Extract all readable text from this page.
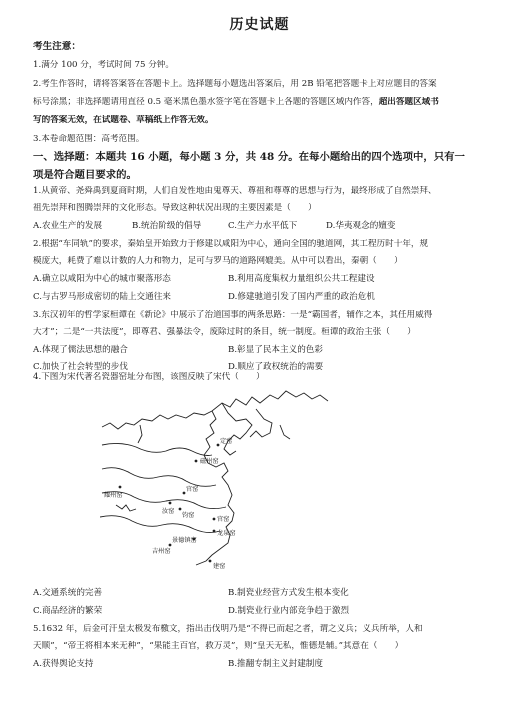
历史试题
考生注意：
1.满分 100 分，考试时间 75 分钟。
2.考生作答时，请将答案答在答题卡上。选择题每小题选出答案后，用 2B 铅笔把答题卡上对应题目的答案
标号涂黑；非选择题请用直径 0.5 毫米黑色墨水签字笔在答题卡上各题的答题区域内作答，超出答题区域书
写的答案无效，在试题卷、草稿纸上作答无效。
3.本卷命题范围：高考范围。
一、选择题：本题共 16 小题，每小题 3 分，共 48 分。在每小题给出的四个选项中，只有一
项是符合题目要求的。
1.从黄帝、尧舜禹到夏商时期，人们自发性地由鬼尊天、尊祖和尊尊的思想与行为，最终形成了自然崇拜、
祖先崇拜和图腾崇拜的文化形态。导致这种状况出现的主要因素是（　　）
A.农业生产的发展	B.统治阶级的倡导	C.生产力水平低下	D.华夷观念的嬗变
2.根据“车同轨”的要求，秦始皇开始致力于修建以咸阳为中心，通向全国的驰道网，其工程历时十年，规
模庞大，耗费了难以计数的人力和物力，足可与罗马的道路网媲美。从中可以看出，秦朝（　　）
A.确立以咸阳为中心的城市聚落形态	B.利用高度集权力量组织公共工程建设
C.与古罗马形成密切的陆上交通往来	D.修建驰道引发了国内严重的政治危机
3.东汉初年的哲学家桓谭在《新论》中展示了治道国事的两条思路：一是“霸国者，辅作之本，其任用威得
大才”；二是“一共法度”，即尊君、强暴法令，废除过时的条目，统一制度。桓谭的政治主张（　　）
A.体现了儒法思想的融合	B.彰显了民本主义的色彩
C.加快了社会转型的步伐	D.顺应了政权统治的需要
4.下图为宋代著名瓷器窑址分布图，该图反映了宋代（　　）
定窑
磁州窑
耀州窑
汝窑
官窑
钧窑
官窑
龙泉窑
景德镇窑
吉州窑
建窑
A.交通系统的完善	B.制瓷业经营方式发生根本变化
C.商品经济的繁荣	D.制瓷业行业内部竞争趋于激烈
5.1632 年，后金可汗皇太极发布檄文，指出击伐明乃是“不得已而起之者，谓之义兵；义兵所举，人和
天顺”，“帝王将相本来无种”，“果能主百官，救万灵”，则“皇天无私，惟德是辅。”其意在（　　）
A.获得舆论支持	B.推翻专制主义封建制度
